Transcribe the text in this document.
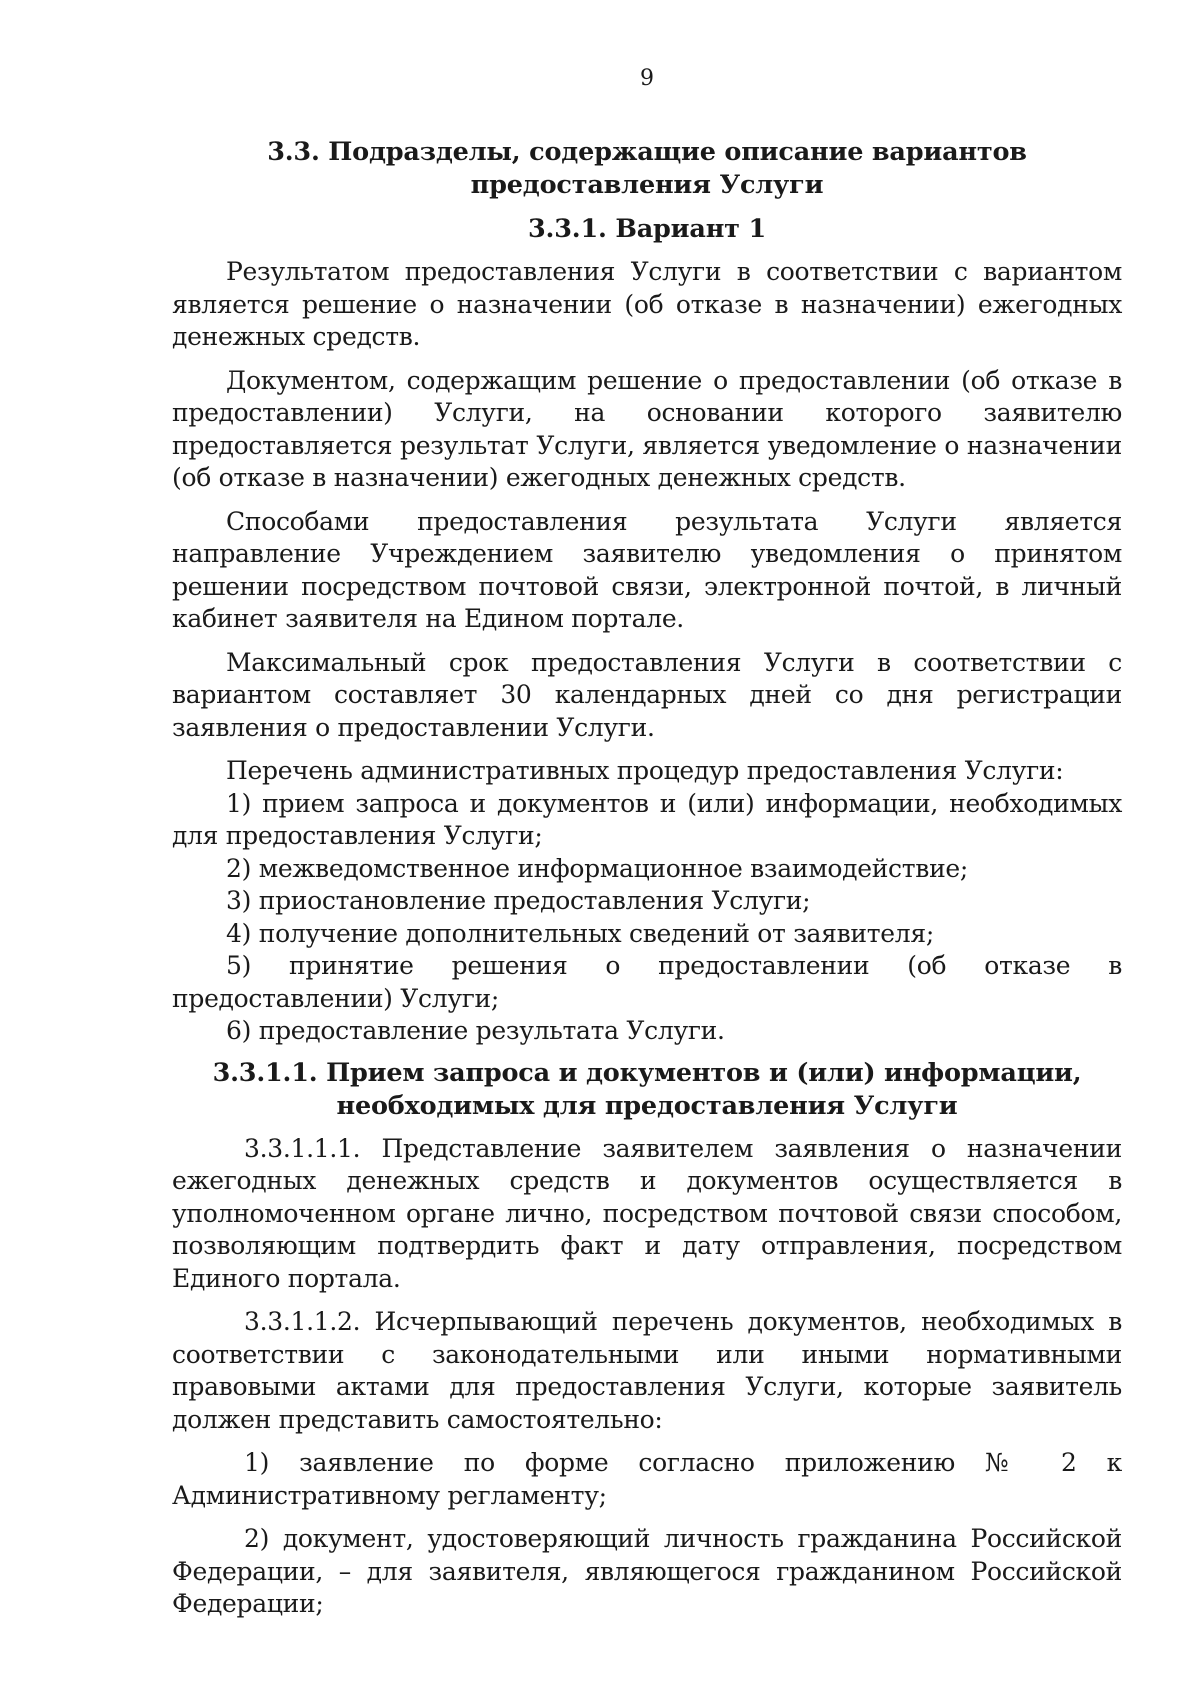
9
3.3. Подразделы, содержащие описание вариантов предоставления Услуги
3.3.1. Вариант 1

Результатом предоставления Услуги в соответствии с вариантом является решение о назначении (об отказе в назначении) ежегодных денежных средств.

Документом, содержащим решение о предоставлении (об отказе в предоставлении) Услуги, на основании которого заявителю предоставляется результат Услуги, является уведомление о назначении (об отказе в назначении) ежегодных денежных средств.

Способами предоставления результата Услуги является направление Учреждением заявителю уведомления о принятом решении посредством почтовой связи, электронной почтой, в личный кабинет заявителя на Едином портале.

Максимальный срок предоставления Услуги в соответствии с вариантом составляет 30 календарных дней со дня регистрации заявления о предоставлении Услуги.

Перечень административных процедур предоставления Услуги:

1) прием запроса и документов и (или) информации, необходимых для предоставления Услуги;

2) межведомственное информационное взаимодействие;

3) приостановление предоставления Услуги;

4) получение дополнительных сведений от заявителя;

5) принятие решения о предоставлении (об отказе в предоставлении) Услуги;

6) предоставление результата Услуги.

3.3.1.1. Прием запроса и документов и (или) информации, необходимых для предоставления Услуги

3.3.1.1.1. Представление заявителем заявления о назначении ежегодных денежных средств и документов осуществляется в уполномоченном органе лично, посредством почтовой связи способом, позволяющим подтвердить факт и дату отправления, посредством Единого портала.

3.3.1.1.2. Исчерпывающий перечень документов, необходимых в соответствии с законодательными или иными нормативными правовыми актами для предоставления Услуги, которые заявитель должен представить самостоятельно:

1) заявление по форме согласно приложению № 2 к Административному регламенту;

2) документ, удостоверяющий личность гражданина Российской Федерации, – для заявителя, являющегося гражданином Российской Федерации;
